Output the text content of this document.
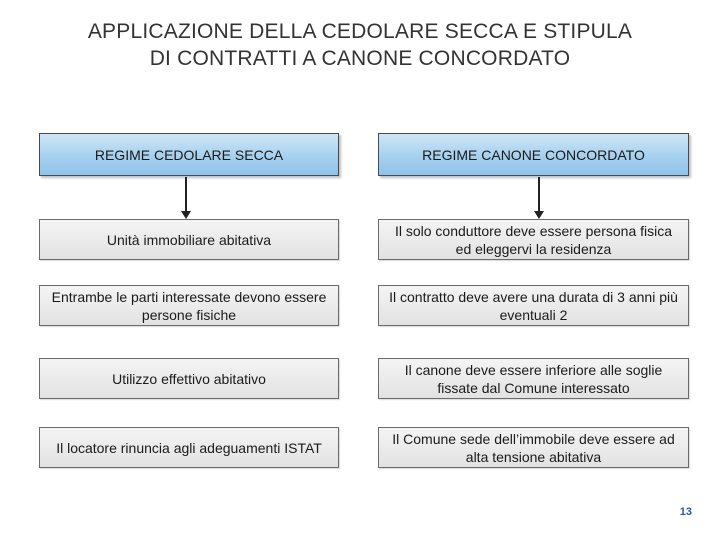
APPLICAZIONE DELLA CEDOLARE SECCA E STIPULA
DI CONTRATTI A CANONE CONCORDATO
REGIME CEDOLARE SECCA
Unità immobiliare abitativa
Entrambe le parti interessate devono essere persone fisiche
Utilizzo effettivo abitativo
Il locatore rinuncia agli adeguamenti ISTAT
REGIME CANONE CONCORDATO
Il solo conduttore deve essere persona fisica ed eleggervi la residenza
Il contratto deve avere una durata di 3 anni più eventuali 2
Il canone deve essere inferiore alle soglie fissate dal Comune interessato
Il Comune sede dell’immobile deve essere ad alta tensione abitativa
13
